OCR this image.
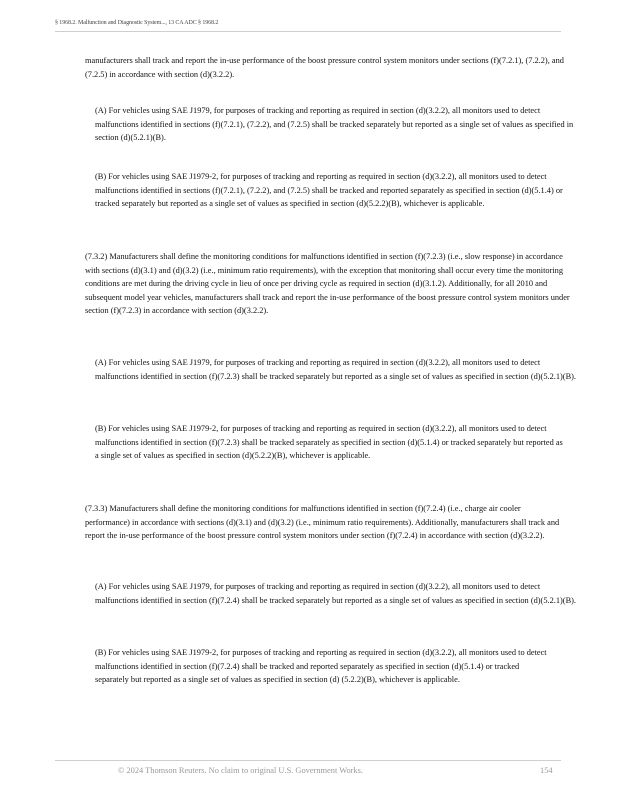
§ 1968.2. Malfunction and Diagnostic System..., 13 CA ADC § 1968.2

manufacturers shall track and report the in-use performance of the boost pressure control system monitors under sections (f)(7.2.1), (7.2.2), and (7.2.5) in accordance with section (d)(3.2.2).

(A) For vehicles using SAE J1979, for purposes of tracking and reporting as required in section (d)(3.2.2), all monitors used to detect malfunctions identified in sections (f)(7.2.1), (7.2.2), and (7.2.5) shall be tracked separately but reported as a single set of values as specified in section (d)(5.2.1)(B).

(B) For vehicles using SAE J1979-2, for purposes of tracking and reporting as required in section (d)(3.2.2), all monitors used to detect malfunctions identified in sections (f)(7.2.1), (7.2.2), and (7.2.5) shall be tracked and reported separately as specified in section (d)(5.1.4) or tracked separately but reported as a single set of values as specified in section (d)(5.2.2)(B), whichever is applicable.

(7.3.2) Manufacturers shall define the monitoring conditions for malfunctions identified in section (f)(7.2.3) (i.e., slow response) in accordance with sections (d)(3.1) and (d)(3.2) (i.e., minimum ratio requirements), with the exception that monitoring shall occur every time the monitoring conditions are met during the driving cycle in lieu of once per driving cycle as required in section (d)(3.1.2). Additionally, for all 2010 and subsequent model year vehicles, manufacturers shall track and report the in-use performance of the boost pressure control system monitors under section (f)(7.2.3) in accordance with section (d)(3.2.2).

(A) For vehicles using SAE J1979, for purposes of tracking and reporting as required in section (d)(3.2.2), all monitors used to detect malfunctions identified in section (f)(7.2.3) shall be tracked separately but reported as a single set of values as specified in section (d)(5.2.1)(B).

(B) For vehicles using SAE J1979-2, for purposes of tracking and reporting as required in section (d)(3.2.2), all monitors used to detect malfunctions identified in section (f)(7.2.3) shall be tracked separately as specified in section (d)(5.1.4) or tracked separately but reported as a single set of values as specified in section (d)(5.2.2)(B), whichever is applicable.

(7.3.3) Manufacturers shall define the monitoring conditions for malfunctions identified in section (f)(7.2.4) (i.e., charge air cooler performance) in accordance with sections (d)(3.1) and (d)(3.2) (i.e., minimum ratio requirements). Additionally, manufacturers shall track and report the in-use performance of the boost pressure control system monitors under section (f)(7.2.4) in accordance with section (d)(3.2.2).

(A) For vehicles using SAE J1979, for purposes of tracking and reporting as required in section (d)(3.2.2), all monitors used to detect malfunctions identified in section (f)(7.2.4) shall be tracked separately but reported as a single set of values as specified in section (d)(5.2.1)(B).

(B) For vehicles using SAE J1979-2, for purposes of tracking and reporting as required in section (d)(3.2.2), all monitors used to detect malfunctions identified in section (f)(7.2.4) shall be tracked and reported separately as specified in section (d)(5.1.4) or tracked separately but reported as a single set of values as specified in section (d) (5.2.2)(B), whichever is applicable.

© 2024 Thomson Reuters. No claim to original U.S. Government Works.	154
